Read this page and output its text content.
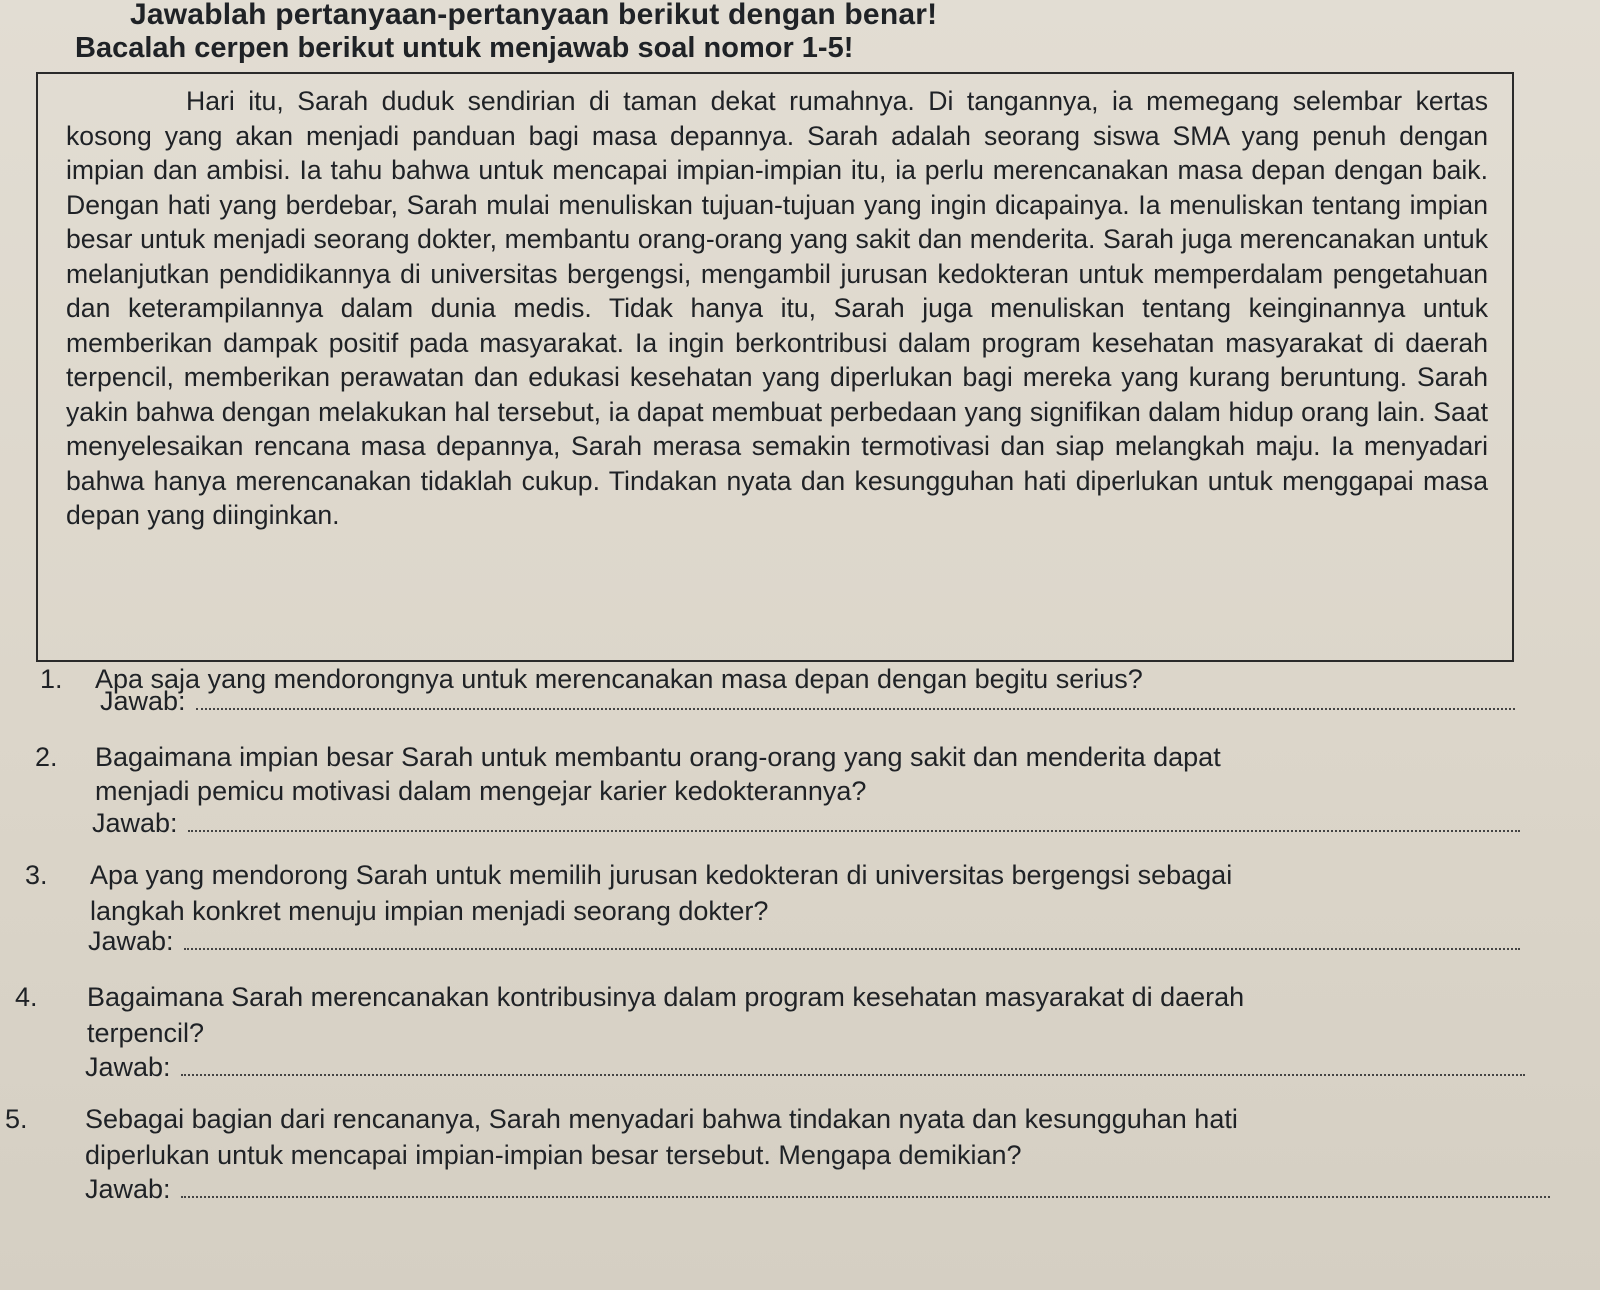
Jawablah pertanyaan-pertanyaan berikut dengan benar!
Bacalah cerpen berikut untuk menjawab soal nomor 1-5!

Hari itu, Sarah duduk sendirian di taman dekat rumahnya. Di tangannya, ia memegang selembar kertas kosong yang akan menjadi panduan bagi masa depannya. Sarah adalah seorang siswa SMA yang penuh dengan impian dan ambisi. Ia tahu bahwa untuk mencapai impian-impian itu, ia perlu merencanakan masa depan dengan baik. Dengan hati yang berdebar, Sarah mulai menuliskan tujuan-tujuan yang ingin dicapainya. Ia menuliskan tentang impian besar untuk menjadi seorang dokter, membantu orang-orang yang sakit dan menderita. Sarah juga merencanakan untuk melanjutkan pendidikannya di universitas bergengsi, mengambil jurusan kedokteran untuk memperdalam pengetahuan dan keterampilannya dalam dunia medis. Tidak hanya itu, Sarah juga menuliskan tentang keinginannya untuk memberikan dampak positif pada masyarakat. Ia ingin berkontribusi dalam program kesehatan masyarakat di daerah terpencil, memberikan perawatan dan edukasi kesehatan yang diperlukan bagi mereka yang kurang beruntung. Sarah yakin bahwa dengan melakukan hal tersebut, ia dapat membuat perbedaan yang signifikan dalam hidup orang lain. Saat menyelesaikan rencana masa depannya, Sarah merasa semakin termotivasi dan siap melangkah maju. Ia menyadari bahwa hanya merencanakan tidaklah cukup. Tindakan nyata dan kesungguhan hati diperlukan untuk menggapai masa depan yang diinginkan.

1. Apa saja yang mendorongnya untuk merencanakan masa depan dengan begitu serius?
Jawab:
2. Bagaimana impian besar Sarah untuk membantu orang-orang yang sakit dan menderita dapat
menjadi pemicu motivasi dalam mengejar karier kedokterannya?
Jawab:
3. Apa yang mendorong Sarah untuk memilih jurusan kedokteran di universitas bergengsi sebagai
langkah konkret menuju impian menjadi seorang dokter?
Jawab:
4. Bagaimana Sarah merencanakan kontribusinya dalam program kesehatan masyarakat di daerah
terpencil?
Jawab:
5. Sebagai bagian dari rencananya, Sarah menyadari bahwa tindakan nyata dan kesungguhan hati
diperlukan untuk mencapai impian-impian besar tersebut. Mengapa demikian?
Jawab:
